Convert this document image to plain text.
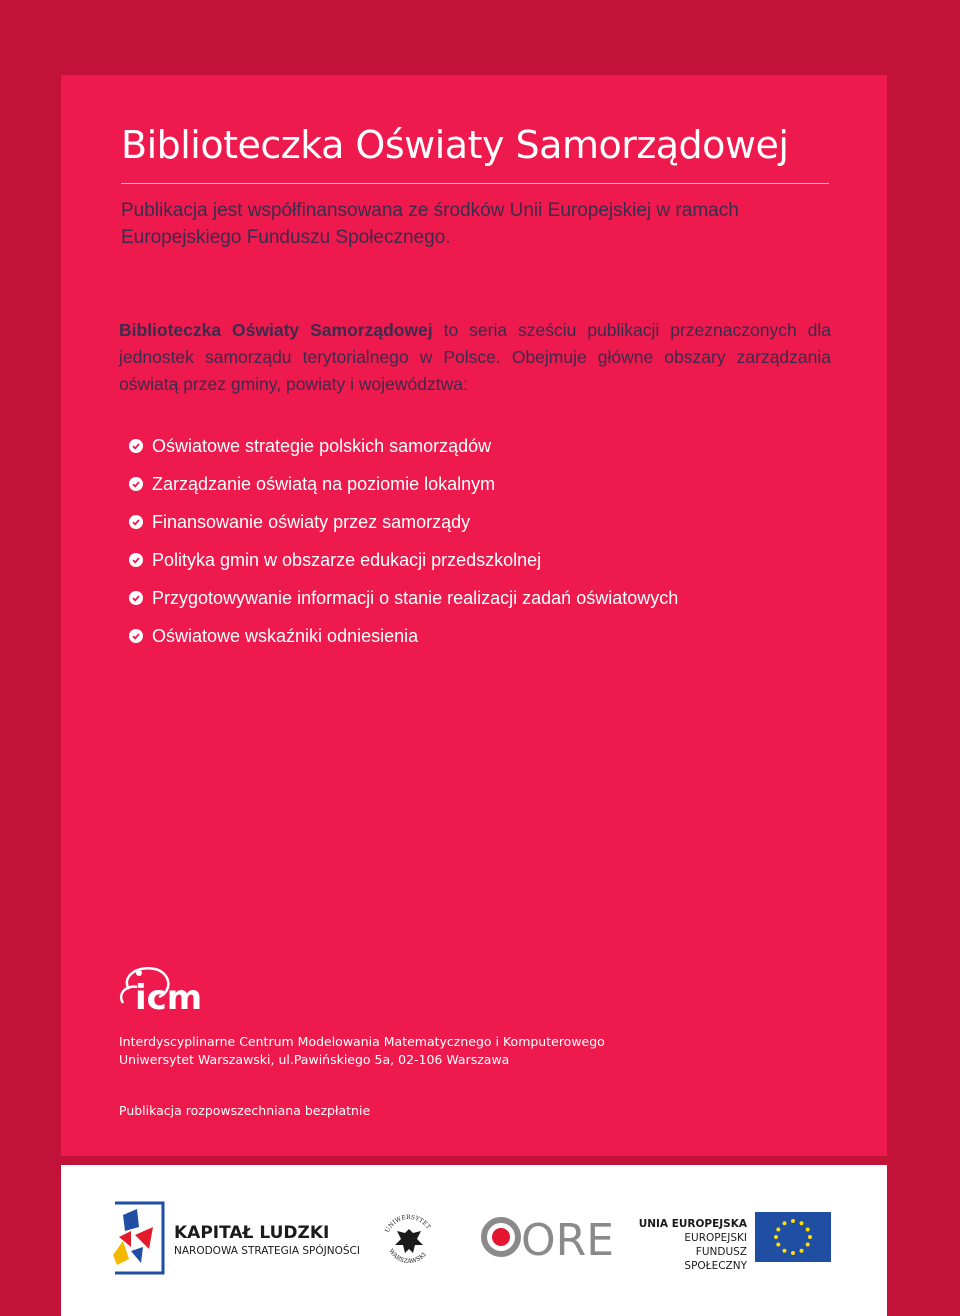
Biblioteczka Oświaty Samorządowej
Publikacja jest współfinansowana ze środków Unii Europejskiej w ramach Europejskiego Funduszu Społecznego.
Biblioteczka Oświaty Samorządowej to seria sześciu publikacji przeznaczonych dla jednostek samorządu terytorialnego w Polsce. Obejmuje główne obszary zarządzania oświatą przez gminy, powiaty i województwa:
Oświatowe strategie polskich samorządów
Zarządzanie oświatą na poziomie lokalnym
Finansowanie oświaty przez samorządy
Polityka gmin w obszarze edukacji przedszkolnej
Przygotowywanie informacji o stanie realizacji zadań oświatowych
Oświatowe wskaźniki odniesienia
icm
Interdyscyplinarne Centrum Modelowania Matematycznego i Komputerowego
Uniwersytet Warszawski, ul.Pawińskiego 5a, 02-106 Warszawa
Publikacja rozpowszechniana bezpłatnie
KAPITAŁ LUDZKI
NARODOWA STRATEGIA SPÓJNOŚCI
UNIWERSYTET
WARSZAWSKI ORE	UNIA EUROPEJSKA
EUROPEJSKI
FUNDUSZ SPOŁECZNY
